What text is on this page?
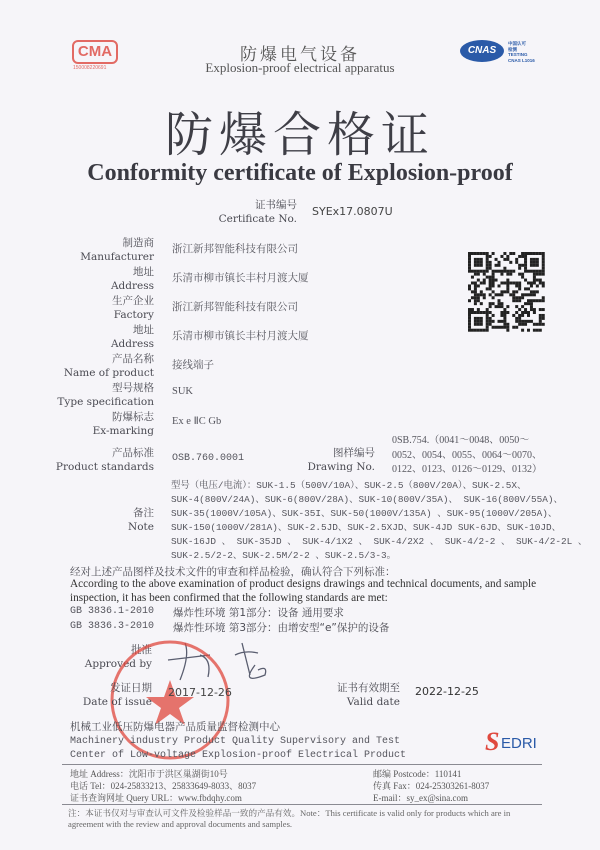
CMA
150008220691
防爆电气设备
Explosion-proof electrical apparatus
CNAS
中国认可
检测
TESTING
CNAS L1016
防爆合格证
Conformity certificate of Explosion-proof
证书编号
Certificate No.
SYEx17.0807U
制造商
Manufacturer
浙江新邦智能科技有限公司
地址
Address
乐清市柳市镇长丰村月渡大厦
生产企业
Factory
浙江新邦智能科技有限公司
地址
Address
乐清市柳市镇长丰村月渡大厦
产品名称
Name of product
接线端子
型号规格
Type specification
SUK
防爆标志
Ex-marking
Ex e ⅡC Gb
产品标准
Product standards
OSB.760.0001	图样编号
Drawing No.
0SB.754.（0041～0048、0050～
0052、0054、0055、0064～0070、
0122、0123、0126～0129、0132）
备注
Note
型号（电压/电流）：SUK-1.5（500V/10A）、SUK-2.5（800V/20A）、SUK-2.5X、
SUK-4(800V/24A)、SUK-6(800V/28A)、SUK-10(800V/35A)、 SUK-16(800V/55A)、
SUK-35(1000V/105A)、SUK-35I、SUK-50(1000V/135A) 、SUK-95(1000V/205A)、
SUK-150(1000V/281A)、SUK-2.5JD、SUK-2.5XJD、SUK-4JD SUK-6JD、SUK-10JD、
SUK-16JD 、 SUK-35JD 、 SUK-4/1X2 、 SUK-4/2X2 、 SUK-4/2-2 、 SUK-4/2-2L 、
SUK-2.5/2-2、SUK-2.5M/2-2 、SUK-2.5/3-3。
经对上述产品图样及技术文件的审查和样品检验，确认符合下列标准：
According to the above examination of product designs drawings and technical documents, and sample
inspection, it has been confirmed that the following standards are met:
GB 3836.1-2010 爆炸性环境 第1部分：设备 通用要求
GB 3836.3-2010 爆炸性环境 第3部分：由增安型“e”保护的设备
批准
Approved by
发证日期
Date of issue
2017-12-26	证书有效期至
Valid date
2022-12-25
机械工业低压防爆电器产品质量监督检测中心
Machinery industry Product Quality Supervisory and Test
Center of Low-voltage Explosion-proof Electrical Product	S EDRI
地址 Address：沈阳市于洪区巢湖街10号
电话 Tel：024-25833213、25833649-8033、8037
证书查询网址 Query URL：www.fbdqhy.com
邮编 Postcode：110141
传真 Fax：024-25303261-8037
E-mail：sy_ex@sina.com
注：本证书仅对与审查认可文件及检验样品一致的产品有效。Note：This certificate is valid only for products which are in
agreement with the review and approval documents and samples.
